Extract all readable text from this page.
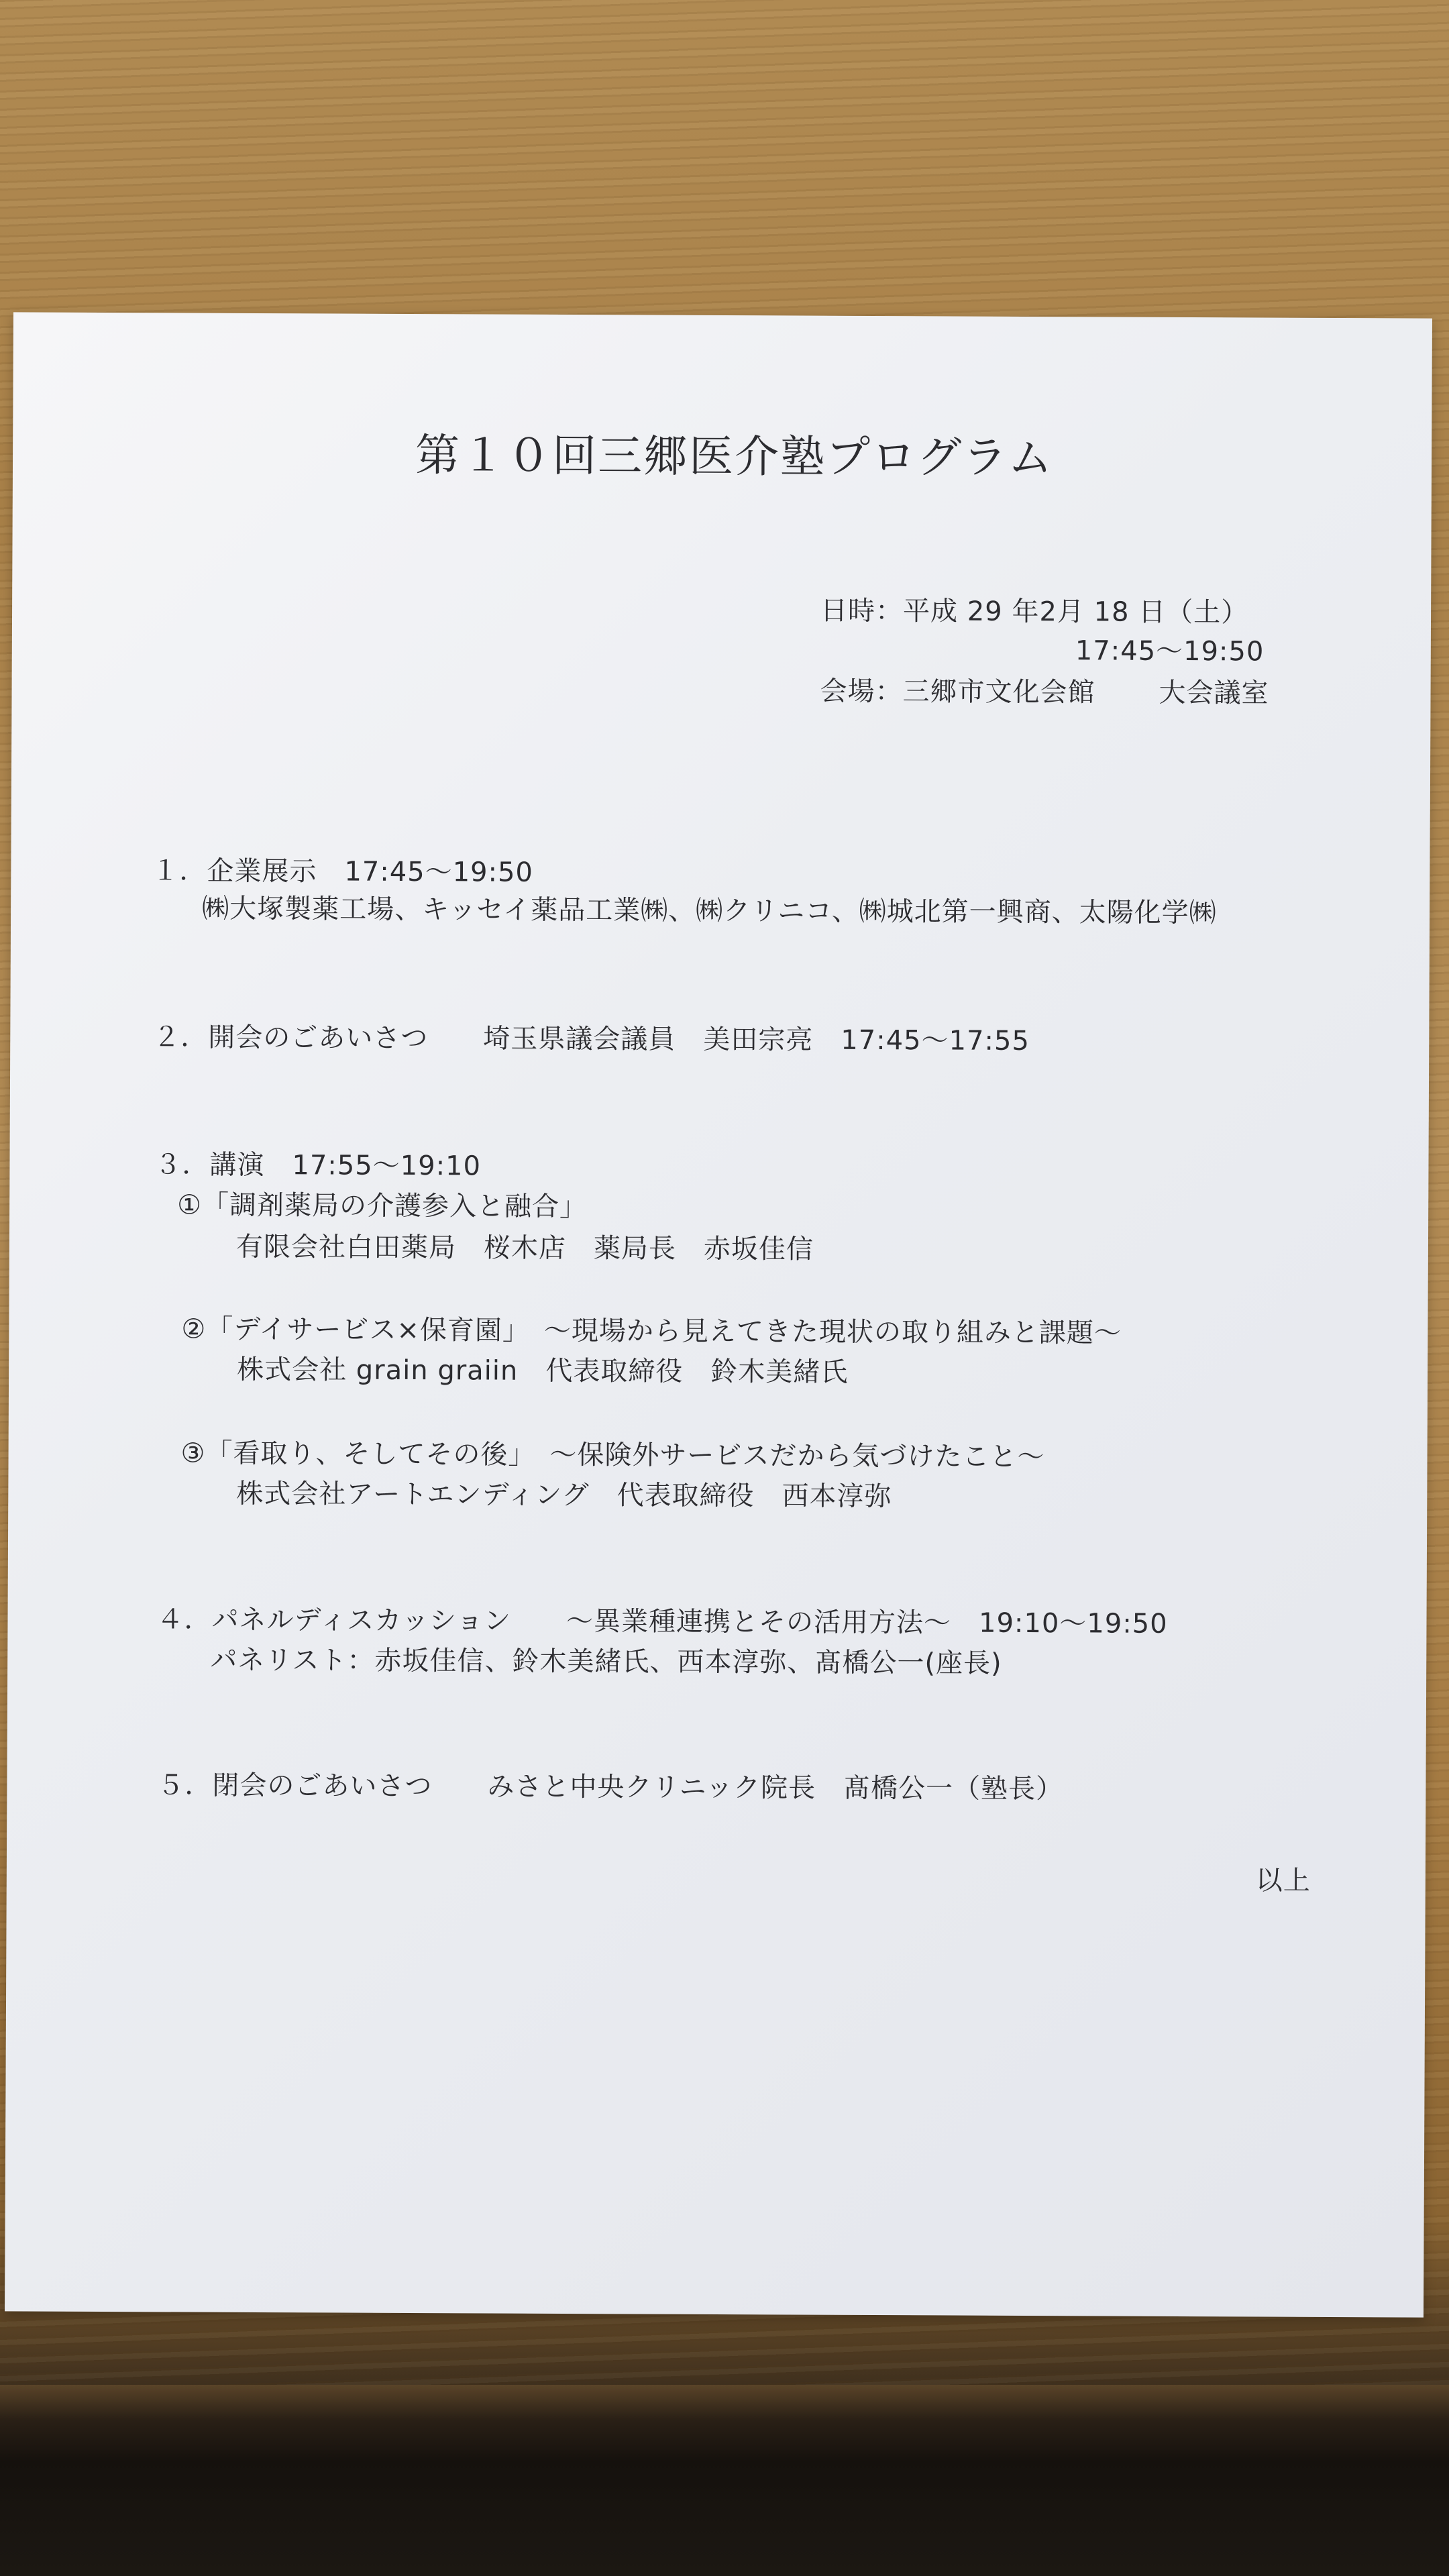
第１０回三郷医介塾プログラム
日時：平成 29 年2月 18 日（土）
17:45〜19:50
会場：三郷市文化会館 大会議室
１．企業展示　17:45〜19:50
㈱大塚製薬工場、キッセイ薬品工業㈱、㈱クリニコ、㈱城北第一興商、太陽化学㈱
２．開会のごあいさつ　　埼玉県議会議員　美田宗亮　17:45〜17:55
３．講演　17:55〜19:10
①「調剤薬局の介護参入と融合」
有限会社白田薬局　桜木店　薬局長　赤坂佳信
②「デイサービス×保育園」　〜現場から見えてきた現状の取り組みと課題〜
株式会社 grain graiin　代表取締役　鈴木美緒氏
③「看取り、そしてその後」　〜保険外サービスだから気づけたこと〜
株式会社アートエンディング　代表取締役　西本淳弥
４．パネルディスカッション　　〜異業種連携とその活用方法〜　19:10〜19:50
パネリスト：赤坂佳信、鈴木美緒氏、西本淳弥、髙橋公一(座長)
５．閉会のごあいさつ　　みさと中央クリニック院長　髙橋公一（塾長）
以上
